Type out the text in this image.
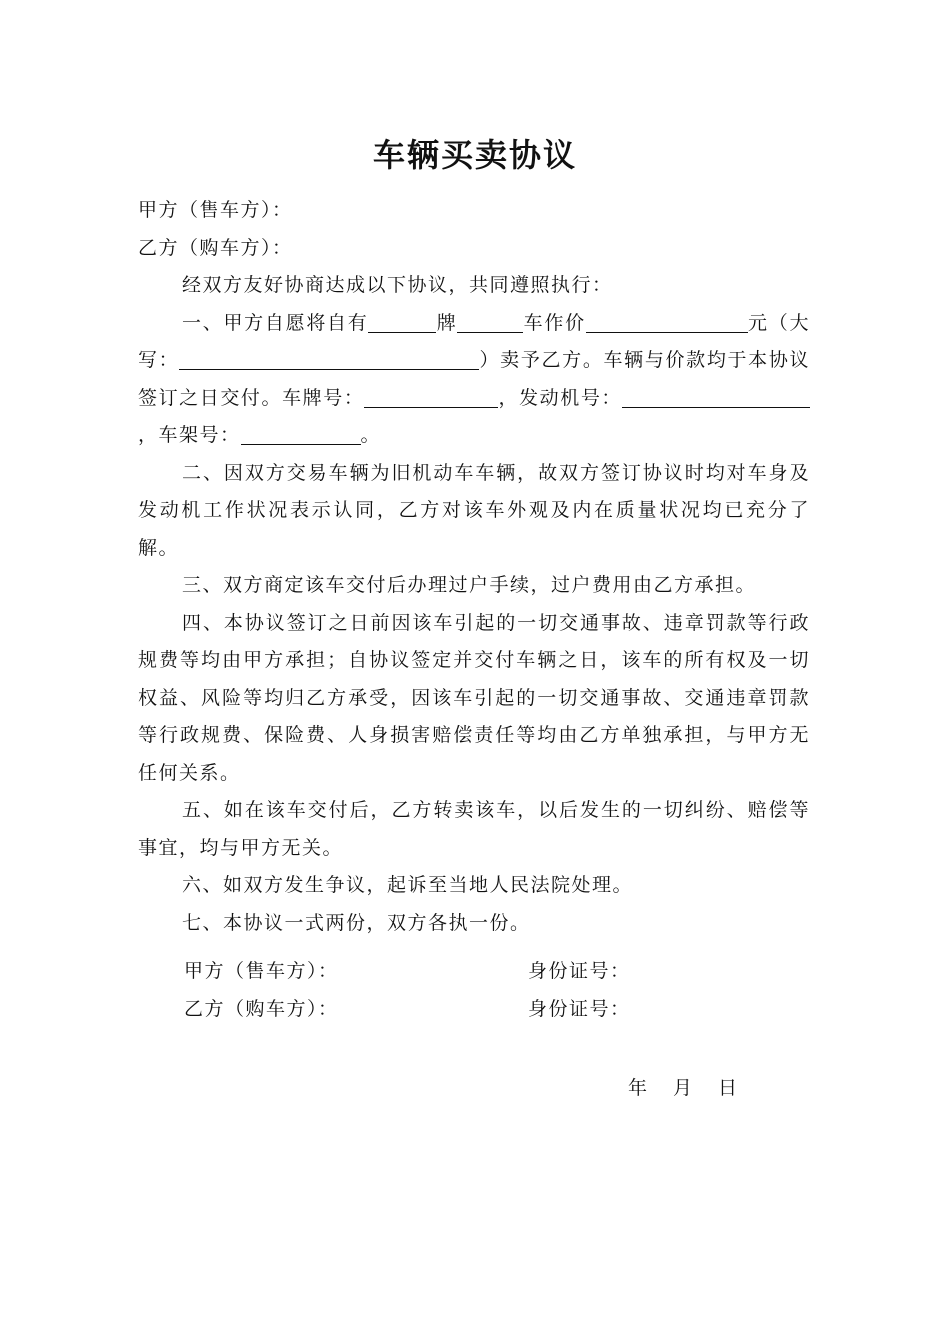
车辆买卖协议

甲方（售车方）：

乙方（购车方）：

经双方友好协商达成以下协议，共同遵照执行：

一、甲方自愿将自有	牌	车作价	元（大写：	）卖予乙方。车辆与价款均于本协议签订之日交付。车牌号：	，发动机号：，车架号：	。

二、因双方交易车辆为旧机动车车辆，故双方签订协议时均对车身及发动机工作状况表示认同，乙方对该车外观及内在质量状况均已充分了解。

三、双方商定该车交付后办理过户手续，过户费用由乙方承担。

四、本协议签订之日前因该车引起的一切交通事故、违章罚款等行政规费等均由甲方承担；自协议签定并交付车辆之日，该车的所有权及一切权益、风险等均归乙方承受，因该车引起的一切交通事故、交通违章罚款等行政规费、保险费、人身损害赔偿责任等均由乙方单独承担，与甲方无任何关系。

五、如在该车交付后，乙方转卖该车，以后发生的一切纠纷、赔偿等事宜，均与甲方无关。

六、如双方发生争议，起诉至当地人民法院处理。

七、本协议一式两份，双方各执一份。

甲方（售车方）：	身份证号：
乙方（购车方）：	身份证号：
年 月 日
